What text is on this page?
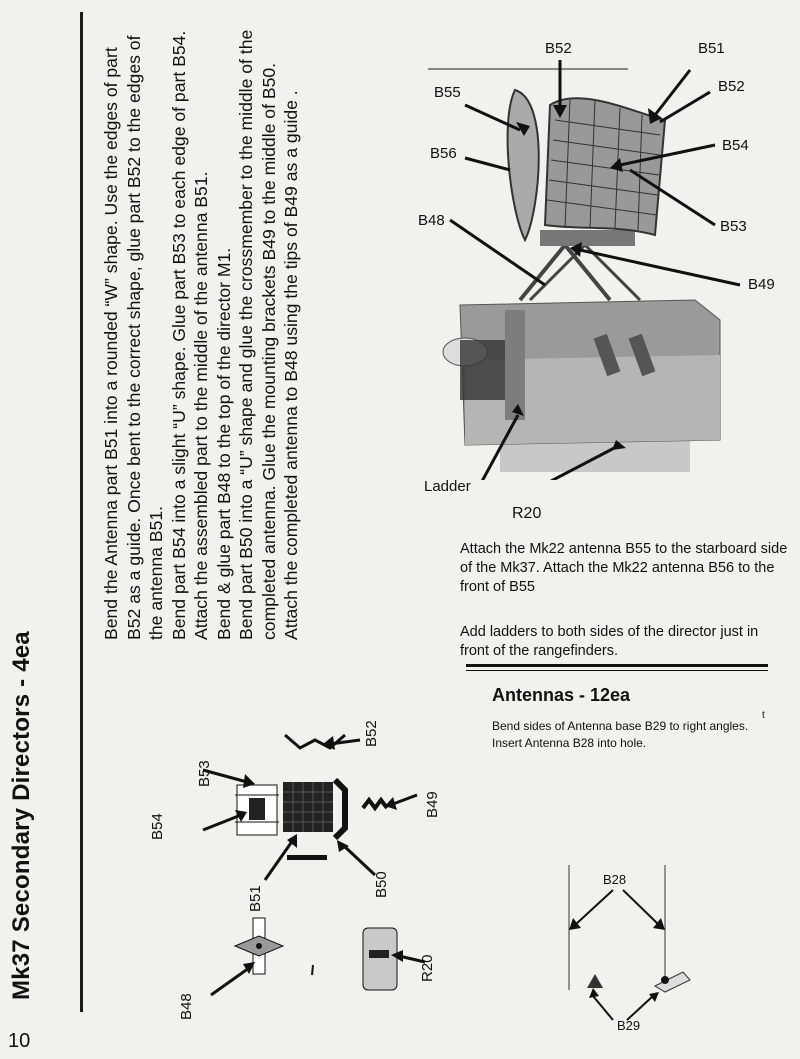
Mk37 Secondary Directors - 4ea

Bend the Antenna part B51 into a rounded “W” shape. Use the edges of part B52 as a guide. Once bent to the correct shape, glue part B52 to the edges of the antenna B51. Bend part B54 into a slight “U” shape. Glue part B53 to each edge of part B54. Attach the assembled part to the middle of the antenna B51. Bend & glue part B48 to the top of the director M1. Bend part B50 into a “U” shape and glue the crossmember to the middle of the completed antenna. Glue the mounting brackets B49 to the middle of B50. Attach the completed antenna to B48 using the tips of B49 as a guide .

B52	B51
B52
B55
B56	B54
B48	B53
B49
Ladder
R20
Attach the Mk22 antenna B55 to the starboard side of the Mk37. Attach the Mk22 antenna B56 to the front of B55
Add ladders to both sides of the director just in front of the rangefinders.
Antennas - 12ea
Bend sides of Antenna base B29 to right angles. Insert Antenna B28 into hole.
t
B28
B29
B53
B52
B54
B49
B51
B50
B48
R20
10
